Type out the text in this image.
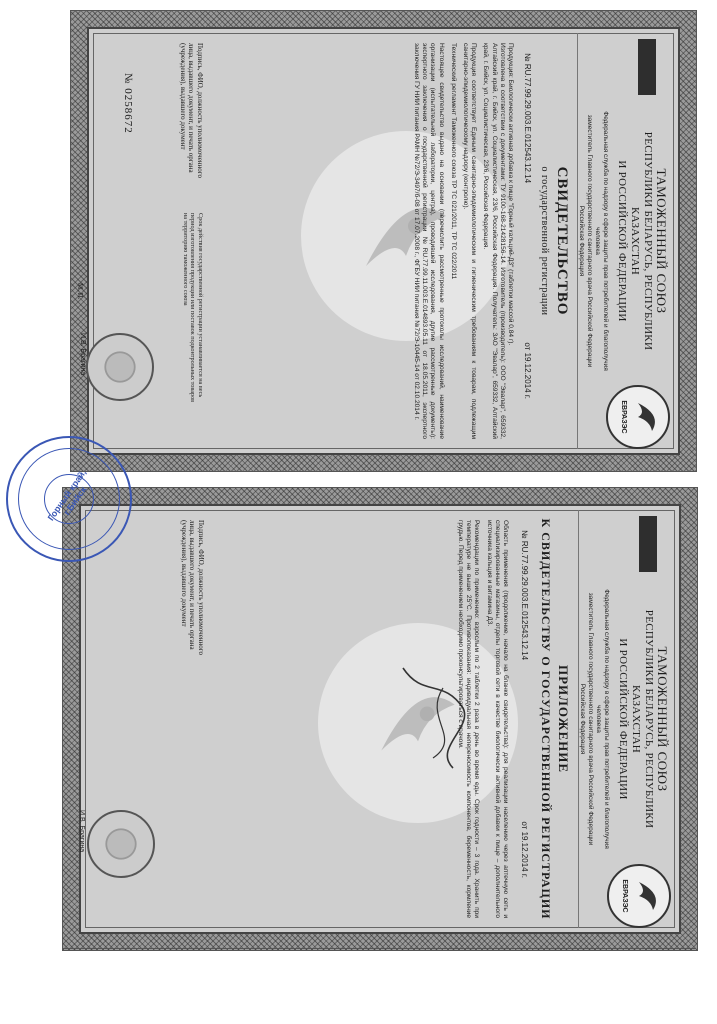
ЕВРАЗЭС
ТАМОЖЕННЫЙ СОЮЗ
РЕСПУБЛИКИ БЕЛАРУСЬ, РЕСПУБЛИКИ КАЗАХСТАН
И РОССИЙСКОЙ ФЕДЕРАЦИИ
Федеральная служба по надзору в сфере защиты прав потребителей и благополучия человека
заместитель Главного государственного санитарного врача Российской Федерации
Российская Федерация
СВИДЕТЕЛЬСТВО
о государственной регистрации
№ RU.77.99.29.003.Е.012543.12.14
от 19.12.2014 г.
Продукция: Биологически активная добавка к пище "Горный кальций-Д3" (таблетки массой 0,84 г).
Изготовлена в соответствии с документами: ТУ 9100-168-21428156-14. Изготовитель (производитель): ООО "Эвалар", 659332, Алтайский край, г. Бийск, ул. Социалистическая, 23/6, Российская Федерация. Получатель: ЗАО "Эвалар", 659332, Алтайский край, г. Бийск, ул. Социалистическая, 23/6, Российская Федерация.
Продукция соответствует Единым санитарно-эпидемиологическим и гигиеническим требованиям к товарам, подлежащим санитарно-эпидемиологическому надзору (контролю).
Технический регламент Таможенного союза ТР ТС 021/2011, ТР ТС 022/2011
Настоящее свидетельство выдано на основании (перечислить рассмотренные протоколы исследований, наименование организации (испытательной лаборатории, центра), проводившей исследования, другие рассмотренные документы): экспертного заключения о государственной регистрации №RU.77.99.11.003.Е.014893.05.11 от 18.05.2011, экспертного заключения ГУ НИИ питания РАМН №72/Э-3497/б-08 от 17.07.2008 г., ФГБУ НИИ питания №72/Э-10445-14 от 02.10.2014 г.
Подпись, ФИО, должность уполномоченного лица, выдавшего документ, и печать органа (учреждения), выдавшего документ
Срок действия государственной регистрации устанавливается на весь период изготовления продукции или поставок подконтрольных товаров на территорию таможенного союза
№ 0258672
И.В. Брагина
М. П.
ЕВРАЗЭС
ТАМОЖЕННЫЙ СОЮЗ
РЕСПУБЛИКИ БЕЛАРУСЬ, РЕСПУБЛИКИ КАЗАХСТАН
И РОССИЙСКОЙ ФЕДЕРАЦИИ
Федеральная служба по надзору в сфере защиты прав потребителей и благополучия человека
заместитель Главного государственного санитарного врача Российской Федерации
Российская Федерация
ПРИЛОЖЕНИЕ
К СВИДЕТЕЛЬСТВУ О ГОСУДАРСТВЕННОЙ РЕГИСТРАЦИИ
№ RU.77.99.29.003.Е.012543.12.14
от 19.12.2014 г.
Область применения (продолжение, начало на бланке свидетельства): для реализации населению через аптечную сеть и специализированные магазины, отделы торговой сети в качестве биологически активной добавки к пище – дополнительного источника кальция и витамина Д3.
Рекомендации по применению: взрослым по 2 таблетки 2 раза в день во время еды. Срок годности – 3 года. Хранить при температуре не выше 25°С. Противопоказания: индивидуальная непереносимость компонентов, беременность, кормление грудью. Перед применением необходимо проконсультироваться с врачом.
Подпись, ФИО, должность уполномоченного лица, выдавшего документ, и печать органа (учреждения), выдавшего документ
И.В. Брагина
Горный край, г.Бийск
